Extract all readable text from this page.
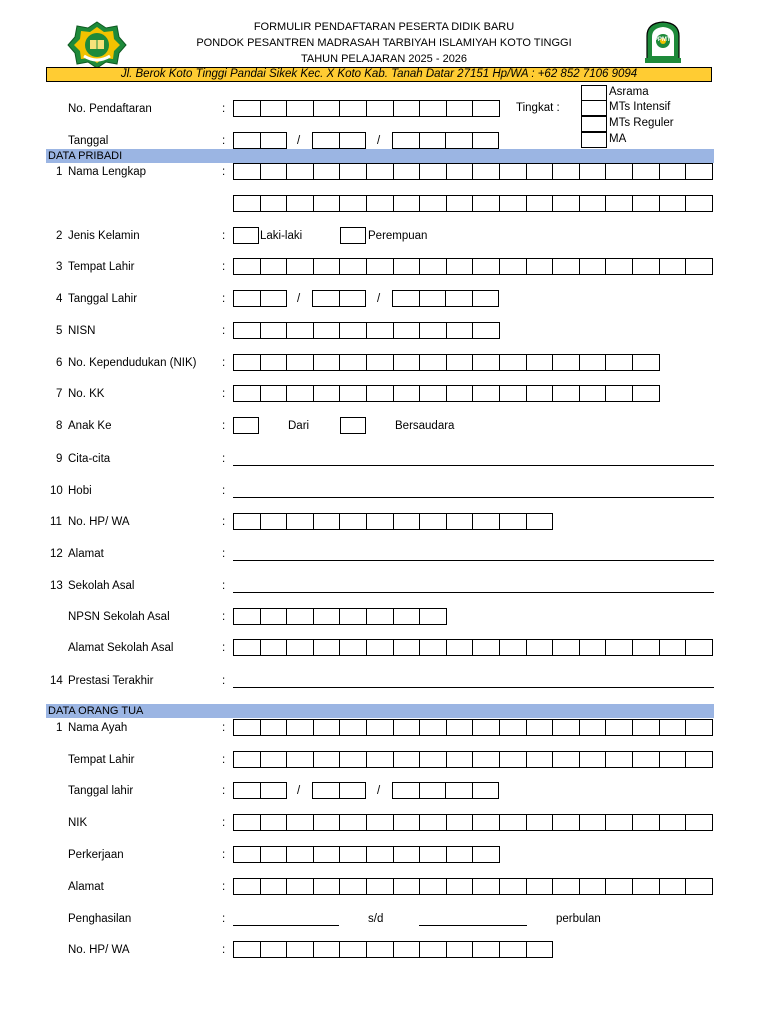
PPMTI
FORMULIR PENDAFTARAN PESERTA DIDIK BARU
PONDOK PESANTREN MADRASAH TARBIYAH ISLAMIYAH KOTO TINGGI
TAHUN PELAJARAN 2025 - 2026
Jl. Berok Koto Tinggi Pandai Sikek Kec. X Koto Kab. Tanah Datar 27151 Hp/WA : +62 852 7106 9094
DATA PRIBADI
DATA ORANG TUA
Tingkat :
No. Pendaftaran	:
Tanggal	:	/	/
Asrama
MTs Intensif
MTs Reguler
MA
1 Nama Lengkap	:
2 Jenis Kelamin	:	Laki-laki	Perempuan
3 Tempat Lahir	:
4 Tanggal Lahir	:	/	/
5 NISN	:
6 No. Kependudukan (NIK) :
7 No. KK	:
8 Anak Ke	:	Dari	Bersaudara
9 Cita-cita	:
10 Hobi	:
11 No. HP/ WA	:
12 Alamat	:
13 Sekolah Asal	:
NPSN Sekolah Asal	:
Alamat Sekolah Asal	:
14 Prestasi Terakhir	:
1 Nama Ayah	:
Tempat Lahir	:
Tanggal lahir	:	/	/
NIK	:
Perkerjaan	:
Alamat	:
Penghasilan	:	s/d	perbulan
No. HP/ WA	:
